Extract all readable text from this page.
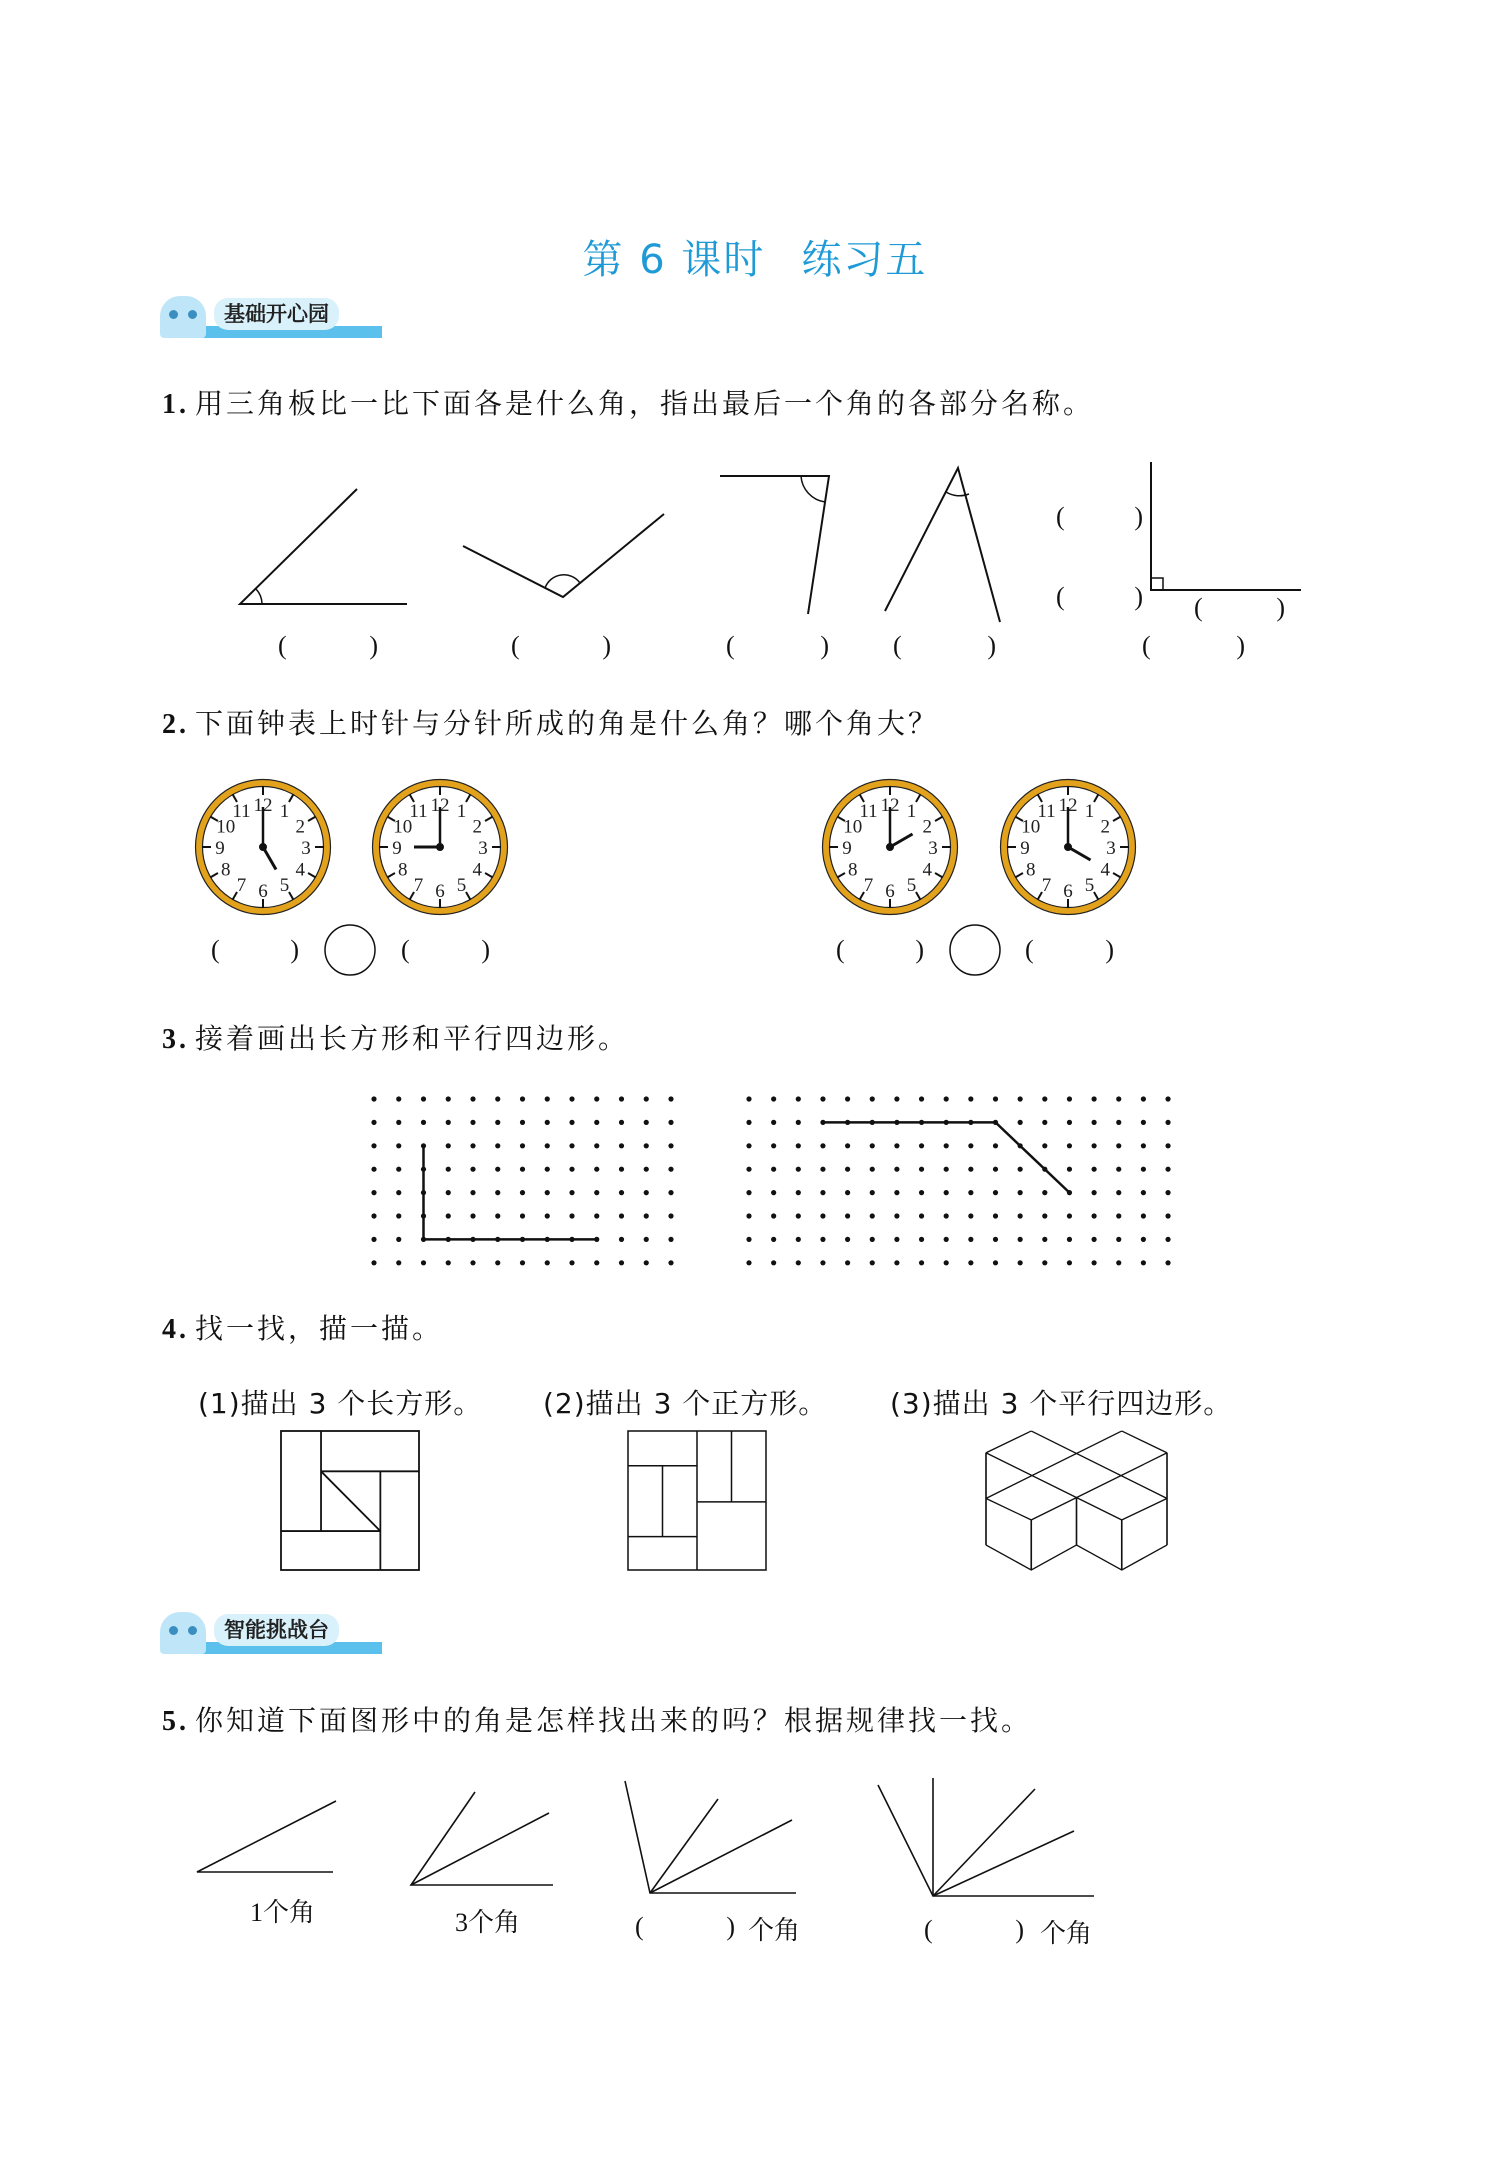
第 6 课时 练习五
基础开心园
1. 用三角板比一比下面各是什么角，指出最后一个角的各部分名称。
2. 下面钟表上时针与分针所成的角是什么角？哪个角大？
3. 接着画出长方形和平行四边形。
4. 找一找，描一描。
(1)描出 3 个长方形。 (2)描出 3 个正方形。 (3)描出 3 个平行四边形。
智能挑战台
5. 你知道下面图形中的角是怎样找出来的吗？根据规律找一找。
1个角	3个角	个角	个角
12 1
2
3
4
5
6
7
8
9
10
11	12 1
2
3
4
5
6
7
8
9
10
11	12 1
2
3
4
5
6
7
8
9
10
11	12 1
2
3
4
5
6
7
8
9
10
11
(	)
(	) (	)
(	)	(	)	(	) (	)	(	)
(	)	(	)	(	)	(	)
(	)	(	)
